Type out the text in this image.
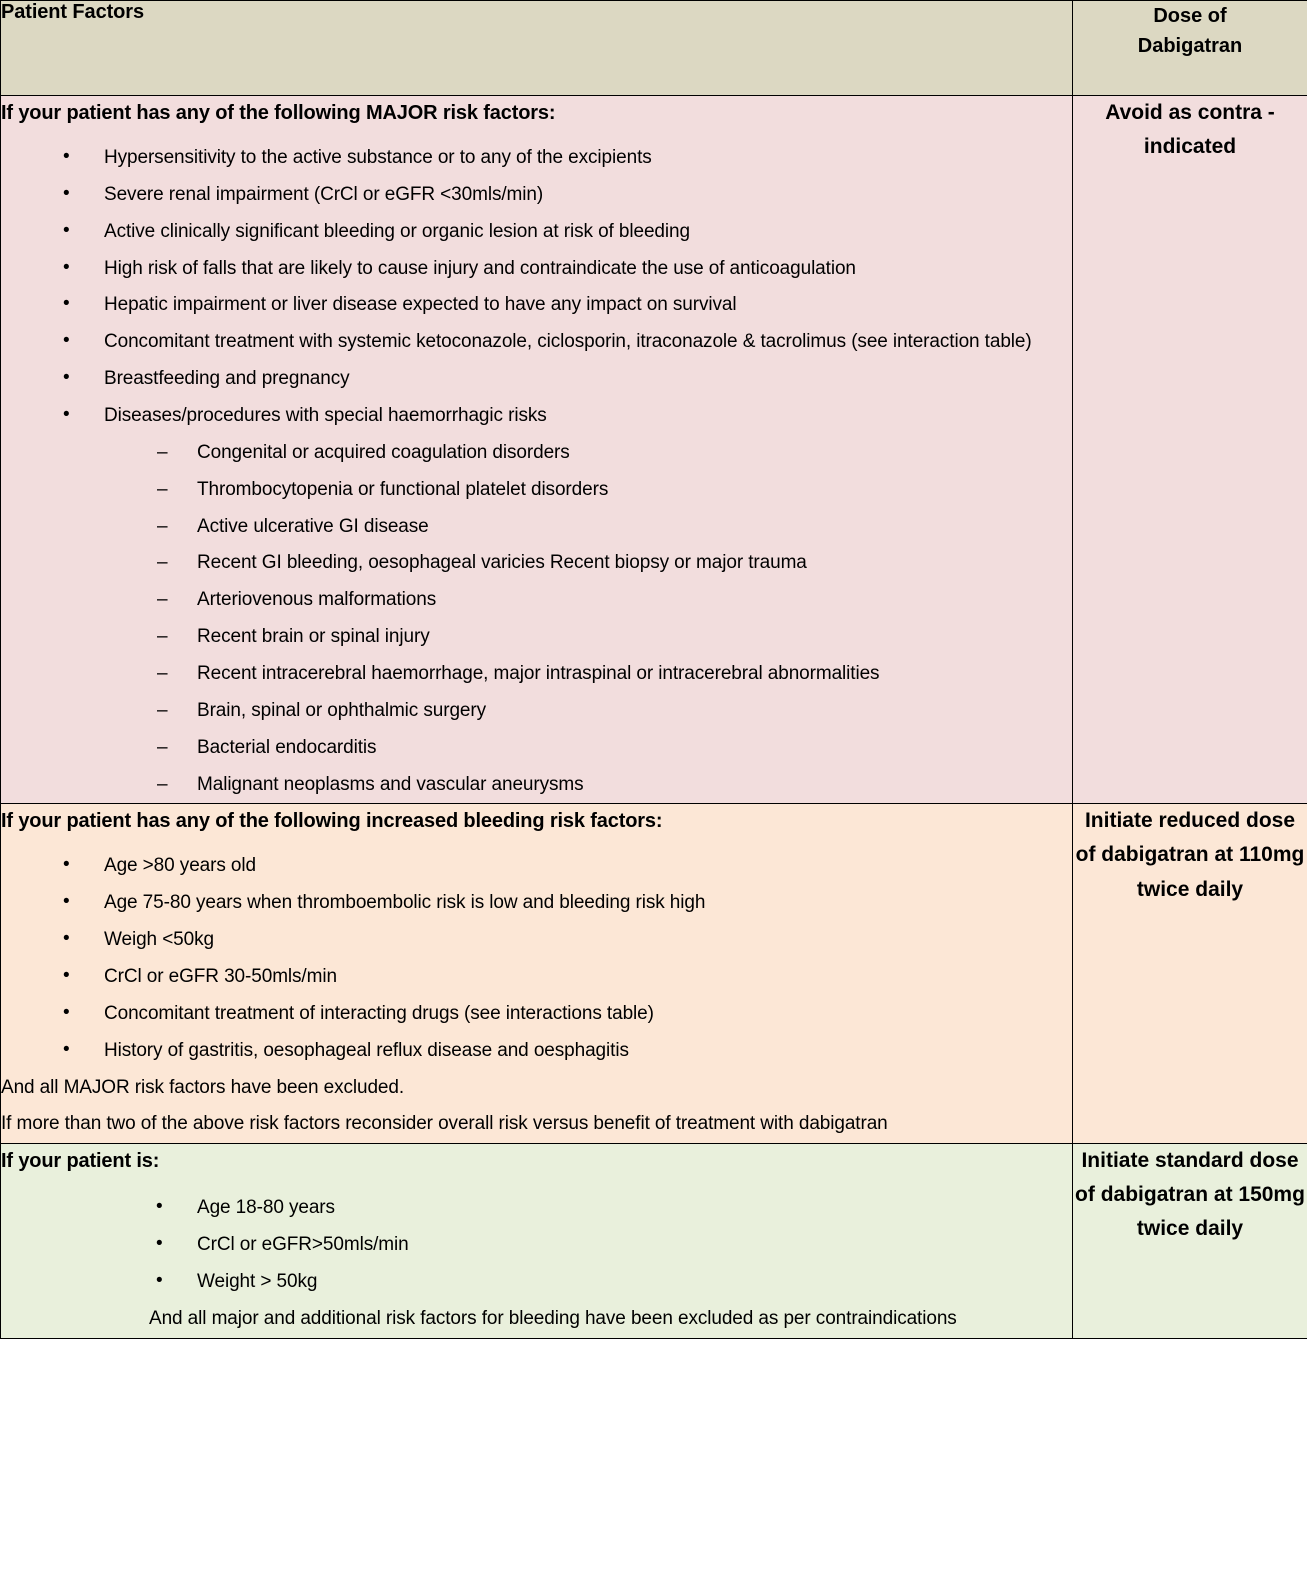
Patient Factors	Dose of
Dabigatran

If your patient has any of the following MAJOR risk factors:

• Hypersensitivity to the active substance or to any of the excipients
• Severe renal impairment (CrCl or eGFR <30mls/min)
• Active clinically significant bleeding or organic lesion at risk of bleeding
• High risk of falls that are likely to cause injury and contraindicate the use of anticoagulation
• Hepatic impairment or liver disease expected to have any impact on survival
• Concomitant treatment with systemic ketoconazole, ciclosporin, itraconazole & tacrolimus (see interaction table)
• Breastfeeding and pregnancy
• Diseases/procedures with special haemorrhagic risks
– Congenital or acquired coagulation disorders
– Thrombocytopenia or functional platelet disorders
– Active ulcerative GI disease
– Recent GI bleeding, oesophageal varicies Recent biopsy or major trauma
– Arteriovenous malformations
– Recent brain or spinal injury
– Recent intracerebral haemorrhage, major intraspinal or intracerebral abnormalities
– Brain, spinal or ophthalmic surgery
– Bacterial endocarditis
– Malignant neoplasms and vascular aneurysms
	Avoid as contra -indicated

If your patient has any of the following increased bleeding risk factors:

• Age >80 years old
• Age 75-80 years when thromboembolic risk is low and bleeding risk high
• Weigh <50kg
• CrCl or eGFR 30-50mls/min
• Concomitant treatment of interacting drugs (see interactions table)
• History of gastritis, oesophageal reflux disease and oesphagitis

And all MAJOR risk factors have been excluded.

If more than two of the above risk factors reconsider overall risk versus benefit of treatment with dabigatran

	Initiate reduced dose of dabigatran at 110mg twice daily

If your patient is:

• Age 18-80 years
• CrCl or eGFR>50mls/min
• Weight > 50kg

And all major and additional risk factors for bleeding have been excluded as per contraindications

	Initiate standard dose of dabigatran at 150mg twice daily
